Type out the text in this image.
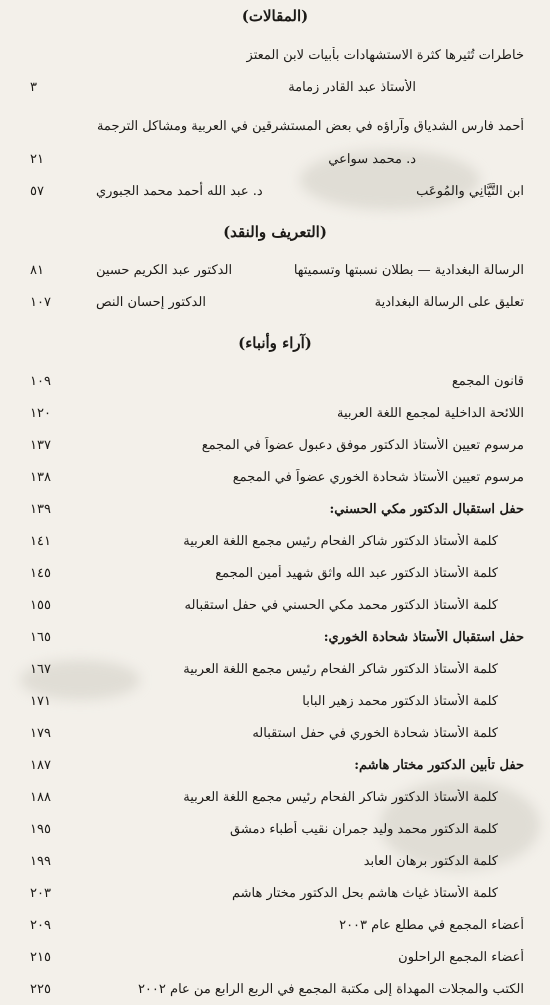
(المقالات)
خاطرات تُثيرها كثرة الاستشهادات بأبيات لابن المعتز
٣	الأستاذ عبد القادر زمامة
أحمد فارس الشدياق وآراؤه في بعض المستشرقين في العربية ومشاكل الترجمة
٢١	د. محمد سواعي
٥٧	د. عبد الله أحمد محمد الجبوري	ابن التَّيَّانِي والمُوعَب
(التعريف والنقد)
٨١	الدكتور عبد الكريم حسين	الرسالة البغدادية — بطلان نسبتها وتسميتها
١٠٧	الدكتور إحسان النص	تعليق على الرسالة البغدادية
(آراء وأنباء)
١٠٩	قانون المجمع
١٢٠	اللائحة الداخلية لمجمع اللغة العربية
١٣٧	مرسوم تعيين الأستاذ الدكتور موفق دعبول عضواً في المجمع
١٣٨	مرسوم تعيين الأستاذ شحادة الخوري عضواً في المجمع
١٣٩	حفل استقبال الدكتور مكي الحسني:
١٤١	كلمة الأستاذ الدكتور شاكر الفحام رئيس مجمع اللغة العربية
١٤٥	كلمة الأستاذ الدكتور عبد الله واثق شهيد أمين المجمع
١٥٥	كلمة الأستاذ الدكتور محمد مكي الحسني في حفل استقباله
١٦٥	حفل استقبال الأستاذ شحادة الخوري:
١٦٧	كلمة الأستاذ الدكتور شاكر الفحام رئيس مجمع اللغة العربية
١٧١	كلمة الأستاذ الدكتور محمد زهير البابا
١٧٩	كلمة الأستاذ شحادة الخوري في حفل استقباله
١٨٧	حفل تأبين الدكتور مختار هاشم:
١٨٨	كلمة الأستاذ الدكتور شاكر الفحام رئيس مجمع اللغة العربية
١٩٥	كلمة الدكتور محمد وليد جمران نقيب أطباء دمشق
١٩٩	كلمة الدكتور برهان العابد
٢٠٣	كلمة الأستاذ غياث هاشم بحل الدكتور مختار هاشم
٢٠٩	أعضاء المجمع في مطلع عام ٢٠٠٣
٢١٥	أعضاء المجمع الراحلون
٢٢٥	الكتب والمجلات المهداة إلى مكتبة المجمع في الربع الرابع من عام ٢٠٠٢
